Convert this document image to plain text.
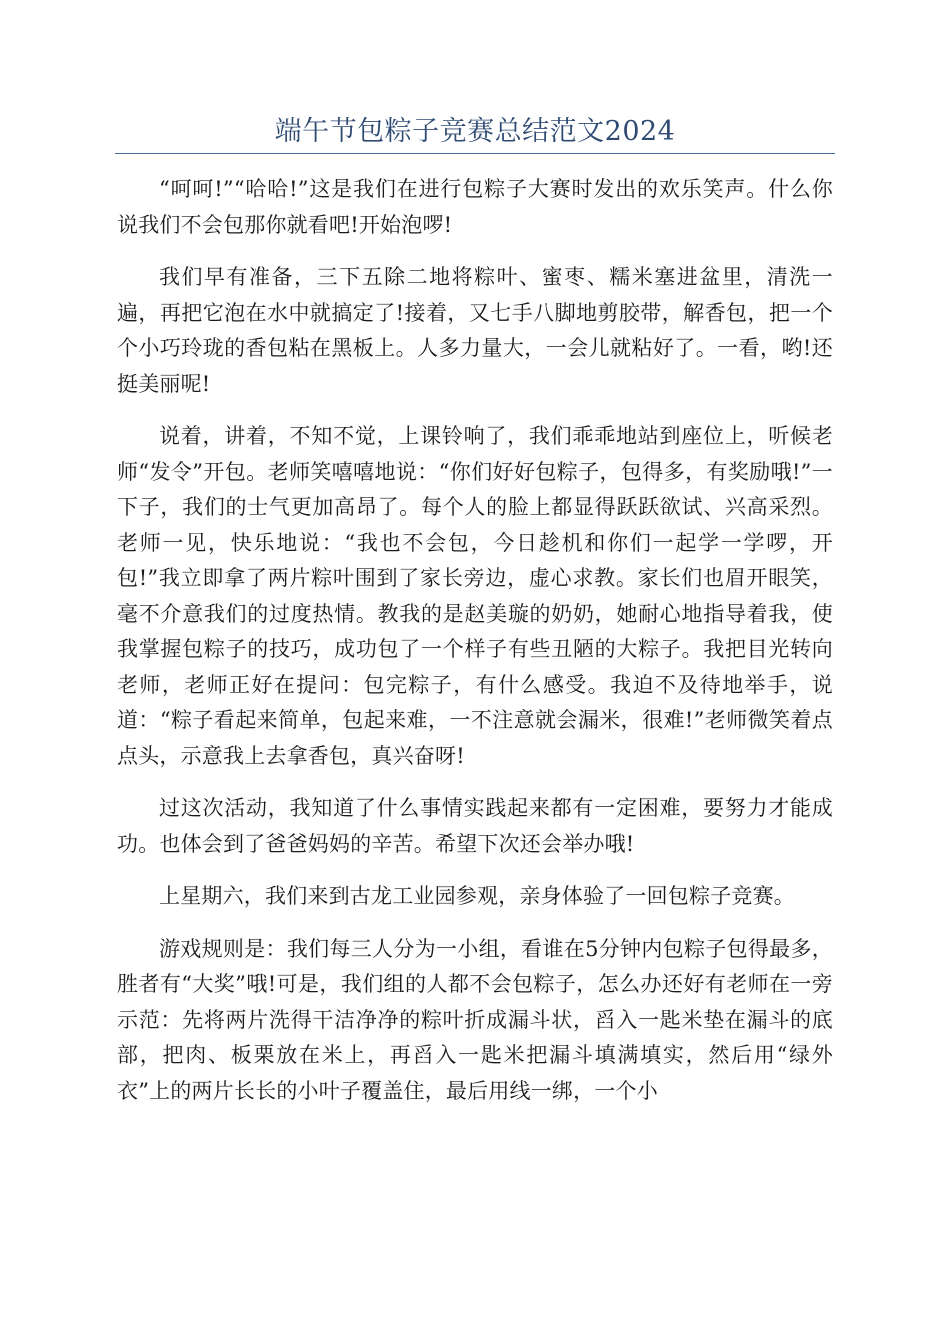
端午节包粽子竞赛总结范文2024

“呵呵!”“哈哈!”这是我们在进行包粽子大赛时发出的欢乐笑声。什么你说我们不会包那你就看吧!开始泡啰!

我们早有准备，三下五除二地将粽叶、蜜枣、糯米塞进盆里，清洗一遍，再把它泡在水中就搞定了!接着，又七手八脚地剪胶带，解香包，把一个个小巧玲珑的香包粘在黑板上。人多力量大，一会儿就粘好了。一看，哟!还挺美丽呢!

说着，讲着，不知不觉，上课铃响了，我们乖乖地站到座位上，听候老师“发令”开包。老师笑嘻嘻地说：“你们好好包粽子，包得多，有奖励哦!”一下子，我们的士气更加高昂了。每个人的脸上都显得跃跃欲试、兴高采烈。老师一见，快乐地说：“我也不会包，今日趁机和你们一起学一学啰，开包!”我立即拿了两片粽叶围到了家长旁边，虚心求教。家长们也眉开眼笑，毫不介意我们的过度热情。教我的是赵美璇的奶奶，她耐心地指导着我，使我掌握包粽子的技巧，成功包了一个样子有些丑陋的大粽子。我把目光转向老师，老师正好在提问：包完粽子，有什么感受。我迫不及待地举手，说道：“粽子看起来简单，包起来难，一不注意就会漏米，很难!”老师微笑着点点头，示意我上去拿香包，真兴奋呀!

过这次活动，我知道了什么事情实践起来都有一定困难，要努力才能成功。也体会到了爸爸妈妈的辛苦。希望下次还会举办哦!

上星期六，我们来到古龙工业园参观，亲身体验了一回包粽子竞赛。

游戏规则是：我们每三人分为一小组，看谁在5分钟内包粽子包得最多，胜者有“大奖”哦!可是，我们组的人都不会包粽子，怎么办还好有老师在一旁示范：先将两片洗得干洁净净的粽叶折成漏斗状，舀入一匙米垫在漏斗的底部，把肉、板栗放在米上，再舀入一匙米把漏斗填满填实，然后用“绿外衣”上的两片长长的小叶子覆盖住，最后用线一绑，一个小
